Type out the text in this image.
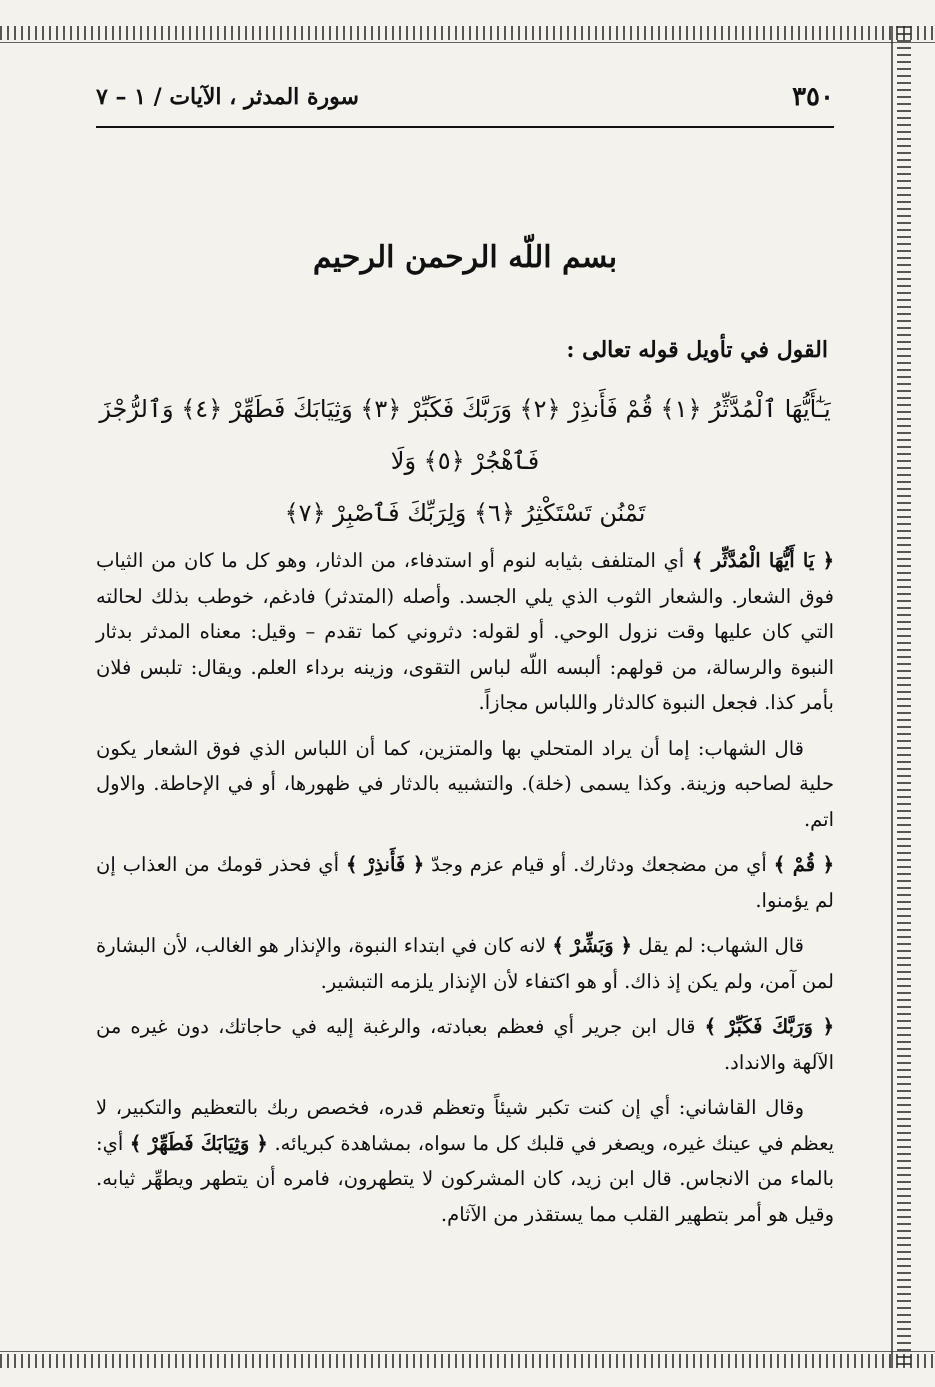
٣٥٠
سورة المدثر ، الآيات / ١ – ٧
بسم اللّه الرحمن الرحيم
القول في تأويل قوله تعالى :
يَـٰٓأَيُّهَا ٱلْمُدَّثِّرُ ﴿١﴾ قُمْ فَأَنذِرْ ﴿٢﴾ وَرَبَّكَ فَكَبِّرْ ﴿٣﴾ وَثِيَابَكَ فَطَهِّرْ ﴿٤﴾ وَٱلرُّجْزَ فَٱهْجُرْ ﴿٥﴾ وَلَا
تَمْنُن تَسْتَكْثِرُ ﴿٦﴾ وَلِرَبِّكَ فَٱصْبِرْ ﴿٧﴾

﴿ يَا أَيُّهَا الْمُدَّثِّر ﴾ أي المتلفف بثيابه لنوم أو استدفاء، من الدثار، وهو كل ما كان من الثياب فوق الشعار. والشعار الثوب الذي يلي الجسد. وأصله (المتدثر) فادغم، خوطب بذلك لحالته التي كان عليها وقت نزول الوحي. أو لقوله: دثروني كما تقدم – وقيل: معناه المدثر بدثار النبوة والرسالة، من قولهم: ألبسه اللّه لباس التقوى، وزينه برداء العلم. ويقال: تلبس فلان بأمر كذا. فجعل النبوة كالدثار واللباس مجازاً.

قال الشهاب: إما أن يراد المتحلي بها والمتزين، كما أن اللباس الذي فوق الشعار يكون حلية لصاحبه وزينة. وكذا يسمى (خلة). والتشبيه بالدثار في ظهورها، أو في الإحاطة. والاول اتم.

﴿ قُمْ ﴾ أي من مضجعك ودثارك. أو قيام عزم وجدّ ﴿ فَأَنذِرْ ﴾ أي فحذر قومك من العذاب إن لم يؤمنوا.

قال الشهاب: لم يقل ﴿ وَبَشِّرْ ﴾ لانه كان في ابتداء النبوة، والإنذار هو الغالب، لأن البشارة لمن آمن، ولم يكن إذ ذاك. أو هو اكتفاء لأن الإنذار يلزمه التبشير.

﴿ وَرَبَّكَ فَكَبِّرْ ﴾ قال ابن جرير أي فعظم بعبادته، والرغبة إليه في حاجاتك، دون غيره من الآلهة والانداد.

وقال القاشاني: أي إن كنت تكبر شيئاً وتعظم قدره، فخصص ربك بالتعظيم والتكبير، لا يعظم في عينك غيره، ويصغر في قلبك كل ما سواه، بمشاهدة كبريائه. ﴿ وَثِيَابَكَ فَطَهِّرْ ﴾ أي: بالماء من الانجاس. قال ابن زيد، كان المشركون لا يتطهرون، فامره أن يتطهر ويطهِّر ثيابه. وقيل هو أمر بتطهير القلب مما يستقذر من الآثام.
